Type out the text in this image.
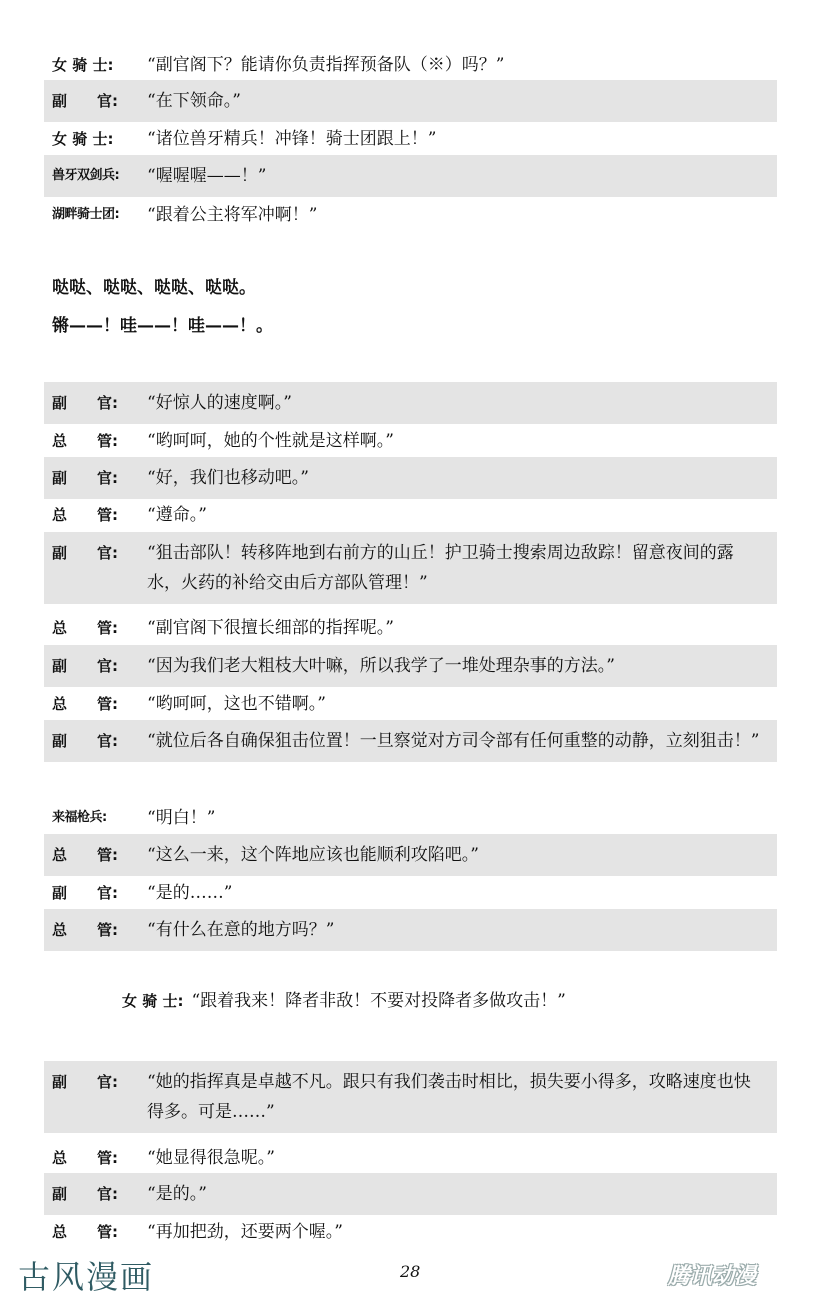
女 骑 士:	“副官阁下？能请你负责指挥预备队（※）吗？”
副　　官:	“在下领命。”
女 骑 士:	“诸位兽牙精兵！冲锋！骑士团跟上！”
兽牙双剑兵:	“喔喔喔——！”
湖畔骑士团:	“跟着公主将军冲啊！”
哒哒、哒哒、哒哒、哒哒。
锵——！哇——！哇——！。
副　　官:	“好惊人的速度啊。”
总　　管:	“哟呵呵，她的个性就是这样啊。”
副　　官:	“好，我们也移动吧。”
总　　管:	“遵命。”
副　　官:	“狙击部队！转移阵地到右前方的山丘！护卫骑士搜索周边敌踪！留意夜间的露水，火药的补给交由后方部队管理！”
总　　管:	“副官阁下很擅长细部的指挥呢。”
副　　官:	“因为我们老大粗枝大叶嘛，所以我学了一堆处理杂事的方法。”
总　　管:	“哟呵呵，这也不错啊。”
副　　官:	“就位后各自确保狙击位置！一旦察觉对方司令部有任何重整的动静，立刻狙击！”
来福枪兵:	“明白！”
总　　管:	“这么一来，这个阵地应该也能顺利攻陷吧。”
副　　官:	“是的……”
总　　管:	“有什么在意的地方吗？”
女 骑 士: “跟着我来！降者非敌！不要对投降者多做攻击！”
副　　官:	“她的指挥真是卓越不凡。跟只有我们袭击时相比，损失要小得多，攻略速度也快得多。可是……”
总　　管:	“她显得很急呢。”
副　　官:	“是的。”
总　　管:	“再加把劲，还要两个喔。”
古风漫画	28	腾讯动漫
